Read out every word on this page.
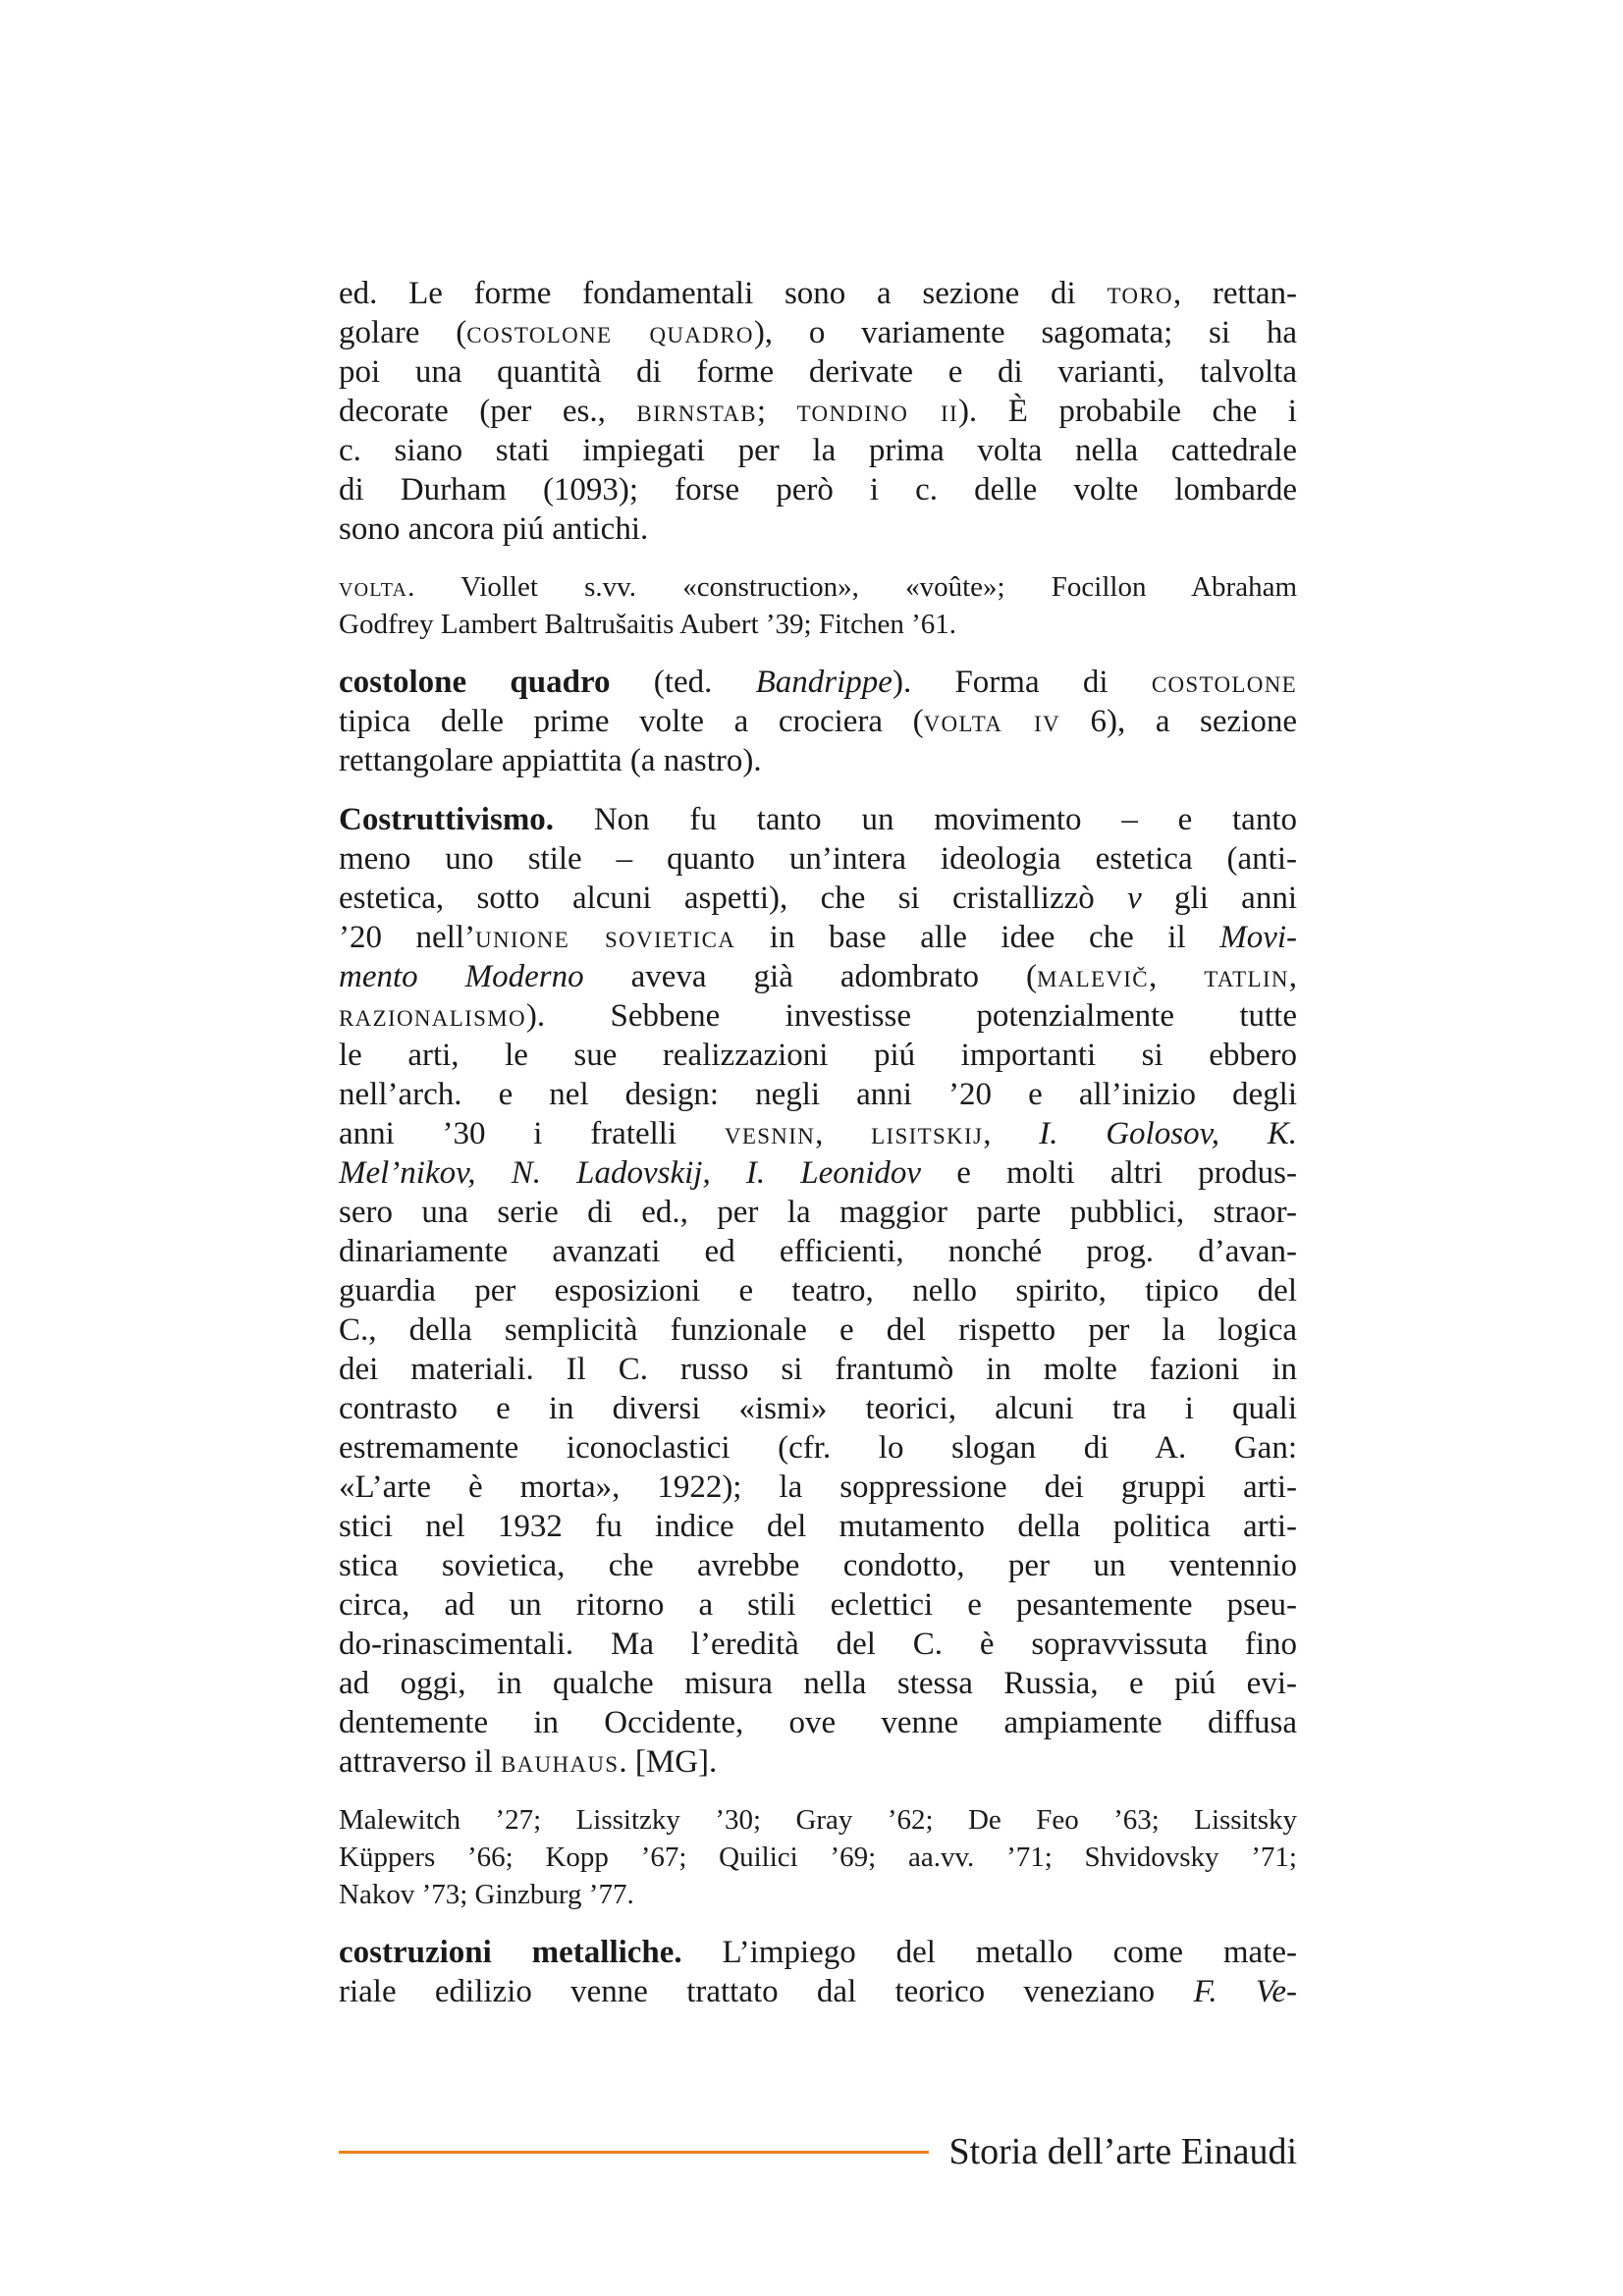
ed. Le forme fondamentali sono a sezione di toro, rettan-
golare (costolone quadro), o variamente sagomata; si ha
poi una quantità di forme derivate e di varianti, talvolta
decorate (per es., birnstab; tondino ii). È probabile che i
c. siano stati impiegati per la prima volta nella cattedrale
di Durham (1093); forse però i c. delle volte lombarde
sono ancora piú antichi.
volta. Viollet s.vv. «construction», «voûte»; Focillon Abraham
Godfrey Lambert Baltrušaitis Aubert ’39; Fitchen ’61.
costolone quadro (ted. Bandrippe). Forma di costolone
tipica delle prime volte a crociera (volta iv 6), a sezione
rettangolare appiattita (a nastro).
Costruttivismo. Non fu tanto un movimento – e tanto
meno uno stile – quanto un’intera ideologia estetica (anti-
estetica, sotto alcuni aspetti), che si cristallizzò v gli anni
’20 nell’unione sovietica in base alle idee che il Movi-
mento Moderno aveva già adombrato (malevič, tatlin,
razionalismo). Sebbene investisse potenzialmente tutte
le arti, le sue realizzazioni piú importanti si ebbero
nell’arch. e nel design: negli anni ’20 e all’inizio degli
anni ’30 i fratelli vesnin, lisitskij, I. Golosov, K.
Mel’nikov, N. Ladovskij, I. Leonidov e molti altri produs-
sero una serie di ed., per la maggior parte pubblici, straor-
dinariamente avanzati ed efficienti, nonché prog. d’avan-
guardia per esposizioni e teatro, nello spirito, tipico del
C., della semplicità funzionale e del rispetto per la logica
dei materiali. Il C. russo si frantumò in molte fazioni in
contrasto e in diversi «ismi» teorici, alcuni tra i quali
estremamente iconoclastici (cfr. lo slogan di A. Gan:
«L’arte è morta», 1922); la soppressione dei gruppi arti-
stici nel 1932 fu indice del mutamento della politica arti-
stica sovietica, che avrebbe condotto, per un ventennio
circa, ad un ritorno a stili eclettici e pesantemente pseu-
do-rinascimentali. Ma l’eredità del C. è sopravvissuta fino
ad oggi, in qualche misura nella stessa Russia, e piú evi-
dentemente in Occidente, ove venne ampiamente diffusa
attraverso il bauhaus. [MG].
Malewitch ’27; Lissitzky ’30; Gray ’62; De Feo ’63; Lissitsky
Küppers ’66; Kopp ’67; Quilici ’69; aa.vv. ’71; Shvidovsky ’71;
Nakov ’73; Ginzburg ’77.
costruzioni metalliche. L’impiego del metallo come mate-
riale edilizio venne trattato dal teorico veneziano F. Ve-
Storia dell’arte Einaudi
